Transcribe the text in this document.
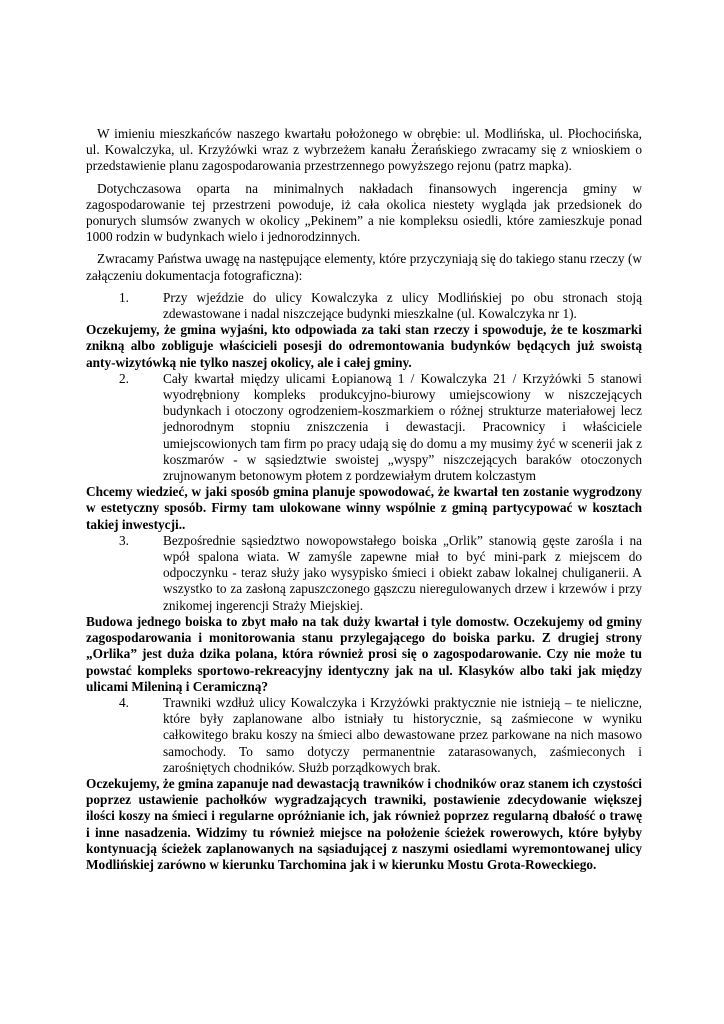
W imieniu mieszkańców naszego kwartału położonego w obrębie: ul. Modlińska, ul. Płochocińska, ul. Kowalczyka, ul. Krzyżówki wraz z wybrzeżem kanału Żerańskiego zwracamy się z wnioskiem o przedstawienie planu zagospodarowania przestrzennego powyższego rejonu (patrz mapka).

Dotychczasowa oparta na minimalnych nakładach finansowych ingerencja gminy w zagospodarowanie tej przestrzeni powoduje, iż cała okolica niestety wygląda jak przedsionek do ponurych slumsów zwanych w okolicy „Pekinem” a nie kompleksu osiedli, które zamieszkuje ponad 1000 rodzin w budynkach wielo i jednorodzinnych.

Zwracamy Państwa uwagę na następujące elementy, które przyczyniają się do takiego stanu rzeczy (w załączeniu dokumentacja fotograficzna):

1.	Przy wjeździe do ulicy Kowalczyka z ulicy Modlińskiej po obu stronach stoją zdewastowane i nadal niszczejące budynki mieszkalne (ul. Kowalczyka nr 1).

Oczekujemy, że gmina wyjaśni, kto odpowiada za taki stan rzeczy i spowoduje, że te koszmarki znikną albo zobliguje właścicieli posesji do odremontowania budynków będących już swoistą anty-wizytówką nie tylko naszej okolicy, ale i całej gminy.

2.	Cały kwartał między ulicami Łopianową 1 / Kowalczyka 21 / Krzyżówki 5 stanowi wyodrębniony kompleks produkcyjno-biurowy umiejscowiony w niszczejących budynkach i otoczony ogrodzeniem-koszmarkiem o różnej strukturze materiałowej lecz jednorodnym stopniu zniszczenia i dewastacji. Pracownicy i właściciele umiejscowionych tam firm po pracy udają się do domu a my musimy żyć w scenerii jak z koszmarów - w sąsiedztwie swoistej „wyspy” niszczejących baraków otoczonych zrujnowanym betonowym płotem z pordzewiałym drutem kolczastym

Chcemy wiedzieć, w jaki sposób gmina planuje spowodować, że kwartał ten zostanie wygrodzony w estetyczny sposób. Firmy tam ulokowane winny wspólnie z gminą partycypować w kosztach takiej inwestycji..

3.	Bezpośrednie sąsiedztwo nowopowstałego boiska „Orlik” stanowią gęste zarośla i na wpół spalona wiata. W zamyśle zapewne miał to być mini-park z miejscem do odpoczynku - teraz służy jako wysypisko śmieci i obiekt zabaw lokalnej chuliganerii. A wszystko to za zasłoną zapuszczonego gąszczu nieregulowanych drzew i krzewów i przy znikomej ingerencji Straży Miejskiej.

Budowa jednego boiska to zbyt mało na tak duży kwartał i tyle domostw. Oczekujemy od gminy zagospodarowania i monitorowania stanu przylegającego do boiska parku. Z drugiej strony „Orlika” jest duża dzika polana, która również prosi się o zagospodarowanie. Czy nie może tu powstać kompleks sportowo-rekreacyjny identyczny jak na ul. Klasyków albo taki jak między ulicami Mileniną i Ceramiczną?

4.	Trawniki wzdłuż ulicy Kowalczyka i Krzyżówki praktycznie nie istnieją – te nieliczne, które były zaplanowane albo istniały tu historycznie, są zaśmiecone w wyniku całkowitego braku koszy na śmieci albo dewastowane przez parkowane na nich masowo samochody. To samo dotyczy permanentnie zatarasowanych, zaśmieconych i zarośniętych chodników. Służb porządkowych brak.

Oczekujemy, że gmina zapanuje nad dewastacją trawników i chodników oraz stanem ich czystości poprzez ustawienie pachołków wygradzających trawniki, postawienie zdecydowanie większej ilości koszy na śmieci i regularne opróżnianie ich, jak również poprzez regularną dbałość o trawę i inne nasadzenia. Widzimy tu również miejsce na położenie ścieżek rowerowych, które byłyby kontynuacją ścieżek zaplanowanych na sąsiadującej z naszymi osiedlami wyremontowanej ulicy Modlińskiej zarówno w kierunku Tarchomina jak i w kierunku Mostu Grota-Roweckiego.
